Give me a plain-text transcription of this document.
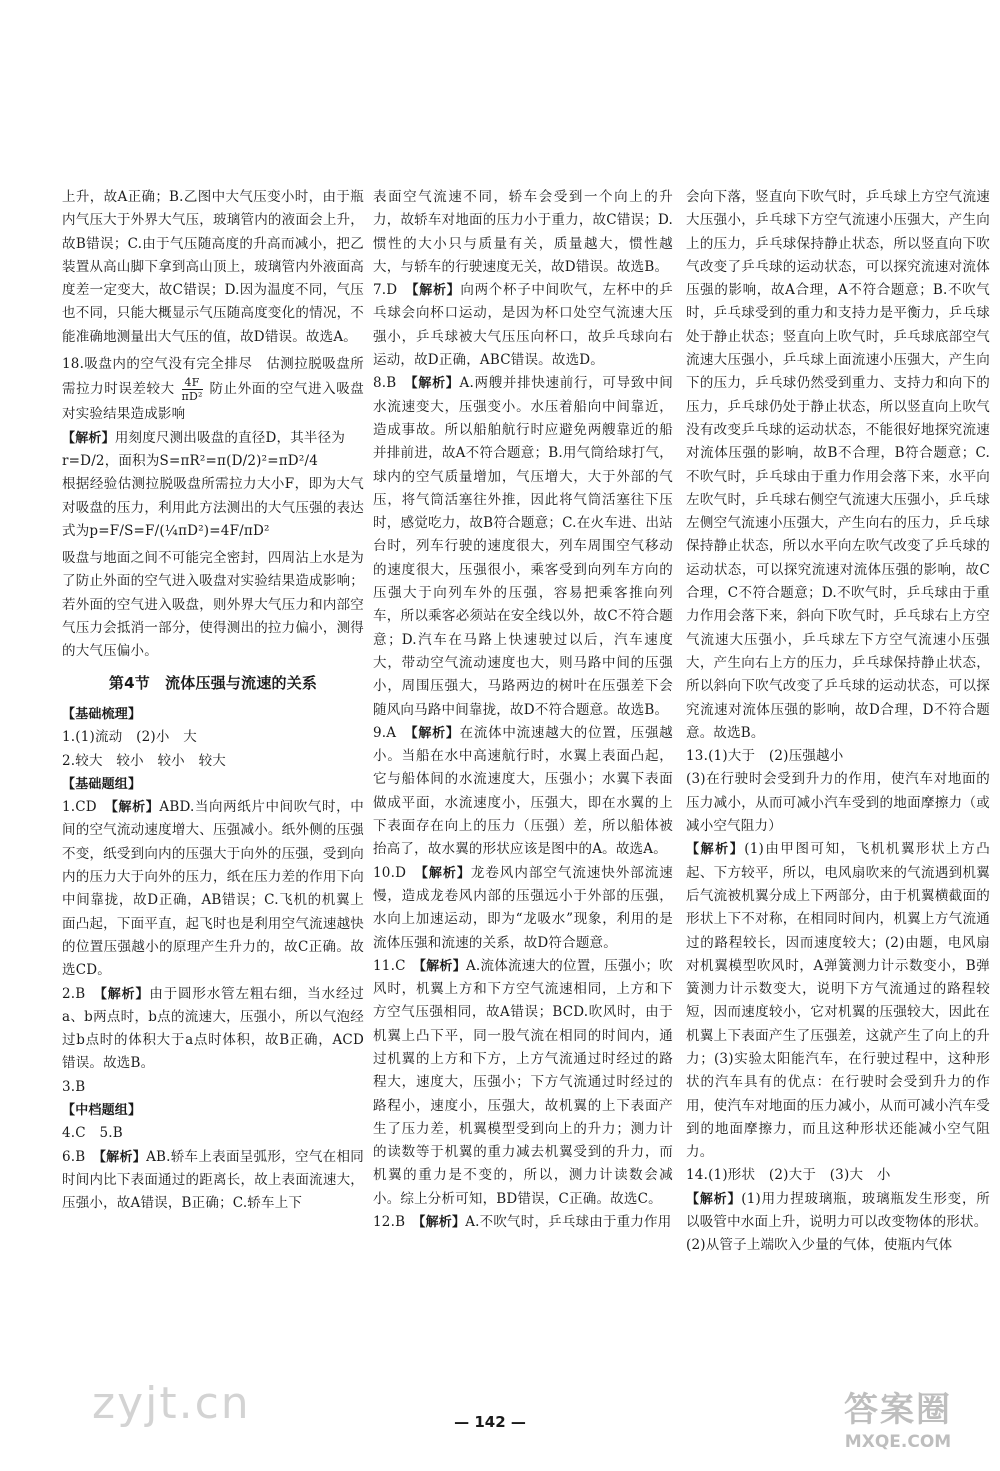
上升，故A正确；B.乙图中大气压变小时，由于瓶内气压大于外界大气压，玻璃管内的液面会上升，故B错误；C.由于气压随高度的升高而减小，把乙装置从高山脚下拿到高山顶上，玻璃管内外液面高度差一定变大，故C错误；D.因为温度不同，气压也不同，只能大概显示气压随高度变化的情况，不能准确地测量出大气压的值，故D错误。故选A。

18.吸盘内的空气没有完全排尽　估测拉脱吸盘所需拉力时误差较大 $\frac{4F}{\text{πD²}}$ 防止外面的空气进入吸盘对实验结果造成影响

【解析】用刻度尺测出吸盘的直径D，其半径为

r=D/2，面积为S=πR²=π(D/2)²=πD²/4

根据经验估测拉脱吸盘所需拉力大小F，即为大气对吸盘的压力，利用此方法测出的大气压强的表达式为p=F/S=F/(¼πD²)=4F/πD²

吸盘与地面之间不可能完全密封，四周沾上水是为了防止外面的空气进入吸盘对实验结果造成影响；若外面的空气进入吸盘，则外界大气压力和内部空气压力会抵消一部分，使得测出的拉力偏小，测得的大气压偏小。

第4节　流体压强与流速的关系

【基础梳理】

1.(1)流动　(2)小　大

2.较大　较小　较小　较大

【基础题组】

1.CD　 【解析】ABD.当向两纸片中间吹气时，中间的空气流动速度增大、压强减小。纸外侧的压强不变，纸受到向内的压强大于向外的压强，受到向内的压力大于向外的压力，纸在压力差的作用下向中间靠拢，故D正确，AB错误；C.飞机的机翼上面凸起，下面平直，起飞时也是利用空气流速越快的位置压强越小的原理产生升力的，故C正确。故选CD。

2.B　 【解析】由于圆形水管左粗右细，当水经过a、b两点时，b点的流速大，压强小，所以气泡经过b点时的体积大于a点时体积，故B正确，ACD错误。故选B。

3.B

【中档题组】

4.C　5.B

6.B　 【解析】AB.轿车上表面呈弧形，空气在相同时间内比下表面通过的距离长，故上表面流速大，压强小，故A错误，B正确；C.轿车上下

表面空气流速不同，轿车会受到一个向上的升力，故轿车对地面的压力小于重力，故C错误；D.惯性的大小只与质量有关，质量越大，惯性越大，与轿车的行驶速度无关，故D错误。故选B。

7.D　 【解析】向两个杯子中间吹气，左杯中的乒乓球会向杯口运动，是因为杯口处空气流速大压强小，乒乓球被大气压压向杯口，故乒乓球向右运动，故D正确，ABC错误。故选D。

8.B　 【解析】A.两艘并排快速前行，可导致中间水流速变大，压强变小。水压着船向中间靠近，造成事故。所以船舶航行时应避免两艘靠近的船并排前进，故A不符合题意；B.用气筒给球打气，球内的空气质量增加，气压增大，大于外部的气压，将气筒活塞往外推，因此将气筒活塞往下压时，感觉吃力，故B符合题意；C.在火车进、出站台时，列车行驶的速度很大，列车周围空气移动的速度很大，压强很小，乘客受到向列车方向的压强大于向列车外的压强，容易把乘客推向列车，所以乘客必须站在安全线以外，故C不符合题意；D.汽车在马路上快速驶过以后，汽车速度大，带动空气流动速度也大，则马路中间的压强小，周围压强大，马路两边的树叶在压强差下会随风向马路中间靠拢，故D不符合题意。故选B。

9.A　 【解析】在流体中流速越大的位置，压强越小。当船在水中高速航行时，水翼上表面凸起，它与船体间的水流速度大，压强小；水翼下表面做成平面，水流速度小，压强大，即在水翼的上下表面存在向上的压力（压强）差，所以船体被抬高了，故水翼的形状应该是图中的A。故选A。

10.D　 【解析】龙卷风内部空气流速快外部流速慢，造成龙卷风内部的压强远小于外部的压强，水向上加速运动，即为“龙吸水”现象，利用的是流体压强和流速的关系，故D符合题意。

11.C　 【解析】A.流体流速大的位置，压强小；吹风时，机翼上方和下方空气流速相同，上方和下方空气压强相同，故A错误；BCD.吹风时，由于机翼上凸下平，同一股气流在相同的时间内，通过机翼的上方和下方，上方气流通过时经过的路程大，速度大，压强小；下方气流通过时经过的路程小，速度小，压强大，故机翼的上下表面产生了压力差，机翼模型受到向上的升力；测力计的读数等于机翼的重力减去机翼受到的升力，而机翼的重力是不变的，所以，测力计读数会减小。综上分析可知，BD错误，C正确。故选C。

12.B　 【解析】A.不吹气时，乒乓球由于重力作用

会向下落，竖直向下吹气时，乒乓球上方空气流速大压强小，乒乓球下方空气流速小压强大，产生向上的压力，乒乓球保持静止状态，所以竖直向下吹气改变了乒乓球的运动状态，可以探究流速对流体压强的影响，故A合理，A不符合题意；B.不吹气时，乒乓球受到的重力和支持力是平衡力，乒乓球处于静止状态；竖直向上吹气时，乒乓球底部空气流速大压强小，乒乓球上面流速小压强大，产生向下的压力，乒乓球仍然受到重力、支持力和向下的压力，乒乓球仍处于静止状态，所以竖直向上吹气没有改变乒乓球的运动状态，不能很好地探究流速对流体压强的影响，故B不合理，B符合题意；C.不吹气时，乒乓球由于重力作用会落下来，水平向左吹气时，乒乓球右侧空气流速大压强小，乒乓球左侧空气流速小压强大，产生向右的压力，乒乓球保持静止状态，所以水平向左吹气改变了乒乓球的运动状态，可以探究流速对流体压强的影响，故C合理，C不符合题意；D.不吹气时，乒乓球由于重力作用会落下来，斜向下吹气时，乒乓球右上方空气流速大压强小，乒乓球左下方空气流速小压强大，产生向右上方的压力，乒乓球保持静止状态，所以斜向下吹气改变了乒乓球的运动状态，可以探究流速对流体压强的影响，故D合理，D不符合题意。故选B。

13.(1)大于　(2)压强越小

(3)在行驶时会受到升力的作用，使汽车对地面的压力减小，从而可减小汽车受到的地面摩擦力（或减小空气阻力）

【解析】(1)由甲图可知，飞机机翼形状上方凸起、下方较平，所以，电风扇吹来的气流遇到机翼后气流被机翼分成上下两部分，由于机翼横截面的形状上下不对称，在相同时间内，机翼上方气流通过的路程较长，因而速度较大；(2)由题，电风扇对机翼模型吹风时，A弹簧测力计示数变小，B弹簧测力计示数变大，说明下方气流通过的路程较短，因而速度较小，它对机翼的压强较大，因此在机翼上下表面产生了压强差，这就产生了向上的升力；(3)实验太阳能汽车，在行驶过程中，这种形状的汽车具有的优点：在行驶时会受到升力的作用，使汽车对地面的压力减小，从而可减小汽车受到的地面摩擦力，而且这种形状还能减小空气阻力。

14.(1)形状　(2)大于　(3)大　小

【解析】(1)用力捏玻璃瓶，玻璃瓶发生形变，所以吸管中水面上升，说明力可以改变物体的形状。

(2)从管子上端吹入少量的气体，使瓶内气体

— 142 —
zyjt.cn	答案圈
MXQE.COM
